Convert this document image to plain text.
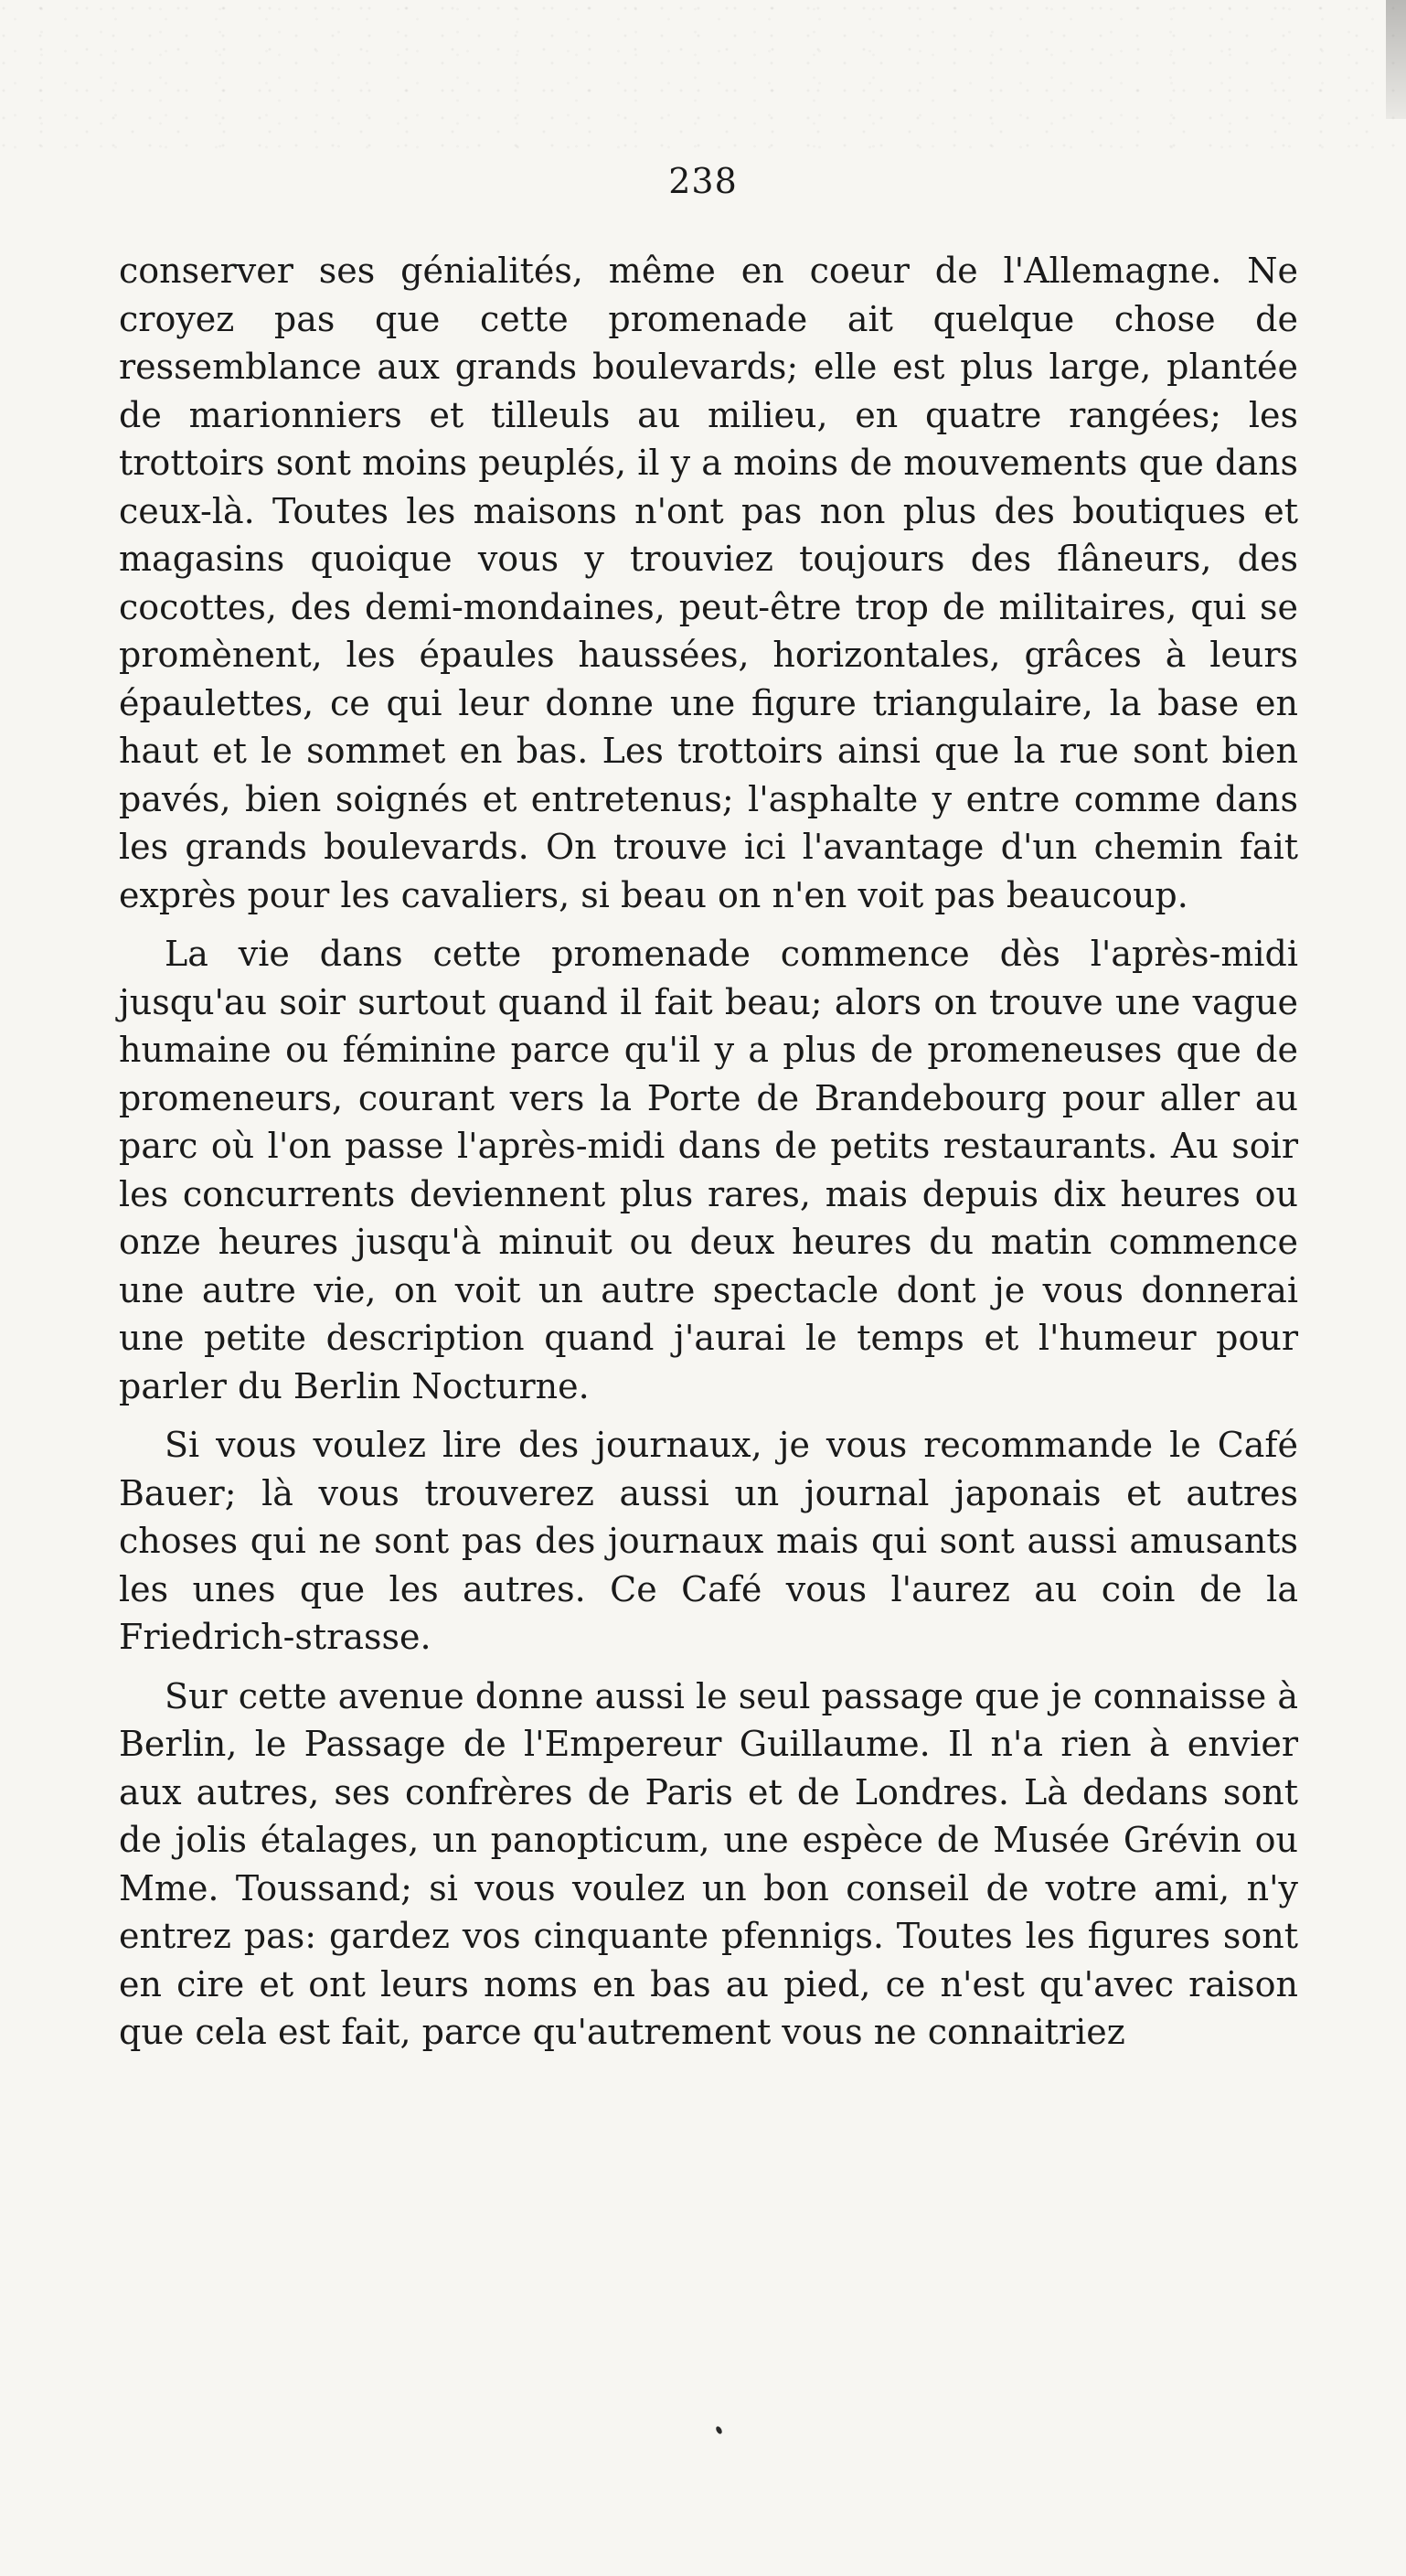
238

conserver ses génialités, même en coeur de l'Allemagne. Ne croyez pas que cette promenade ait quelque chose de ressemblance aux grands boulevards; elle est plus large, plantée de marionniers et tilleuls au milieu, en quatre rangées; les trottoirs sont moins peuplés, il y a moins de mouvements que dans ceux-là. Toutes les maisons n'ont pas non plus des boutiques et magasins quoique vous y trouviez toujours des flâneurs, des cocottes, des demi-mondaines, peut-être trop de militaires, qui se promènent, les épaules haussées, horizontales, grâces à leurs épaulettes, ce qui leur donne une figure triangulaire, la base en haut et le sommet en bas. Les trottoirs ainsi que la rue sont bien pavés, bien soignés et entretenus; l'asphalte y entre comme dans les grands boulevards. On trouve ici l'avantage d'un chemin fait exprès pour les cavaliers, si beau on n'en voit pas beaucoup.

La vie dans cette promenade commence dès l'après-midi jusqu'au soir surtout quand il fait beau; alors on trouve une vague humaine ou féminine parce qu'il y a plus de promeneuses que de promeneurs, courant vers la Porte de Brandebourg pour aller au parc où l'on passe l'après-midi dans de petits restaurants. Au soir les concurrents deviennent plus rares, mais depuis dix heures ou onze heures jusqu'à minuit ou deux heures du matin commence une autre vie, on voit un autre spectacle dont je vous donnerai une petite description quand j'aurai le temps et l'humeur pour parler du Berlin Nocturne.

Si vous voulez lire des journaux, je vous recommande le Café Bauer; là vous trouverez aussi un journal japonais et autres choses qui ne sont pas des journaux mais qui sont aussi amusants les unes que les autres. Ce Café vous l'aurez au coin de la Friedrich-strasse.

Sur cette avenue donne aussi le seul passage que je connaisse à Berlin, le Passage de l'Empereur Guillaume. Il n'a rien à envier aux autres, ses confrères de Paris et de Londres. Là dedans sont de jolis étalages, un panopticum, une espèce de Musée Grévin ou Mme. Toussand; si vous voulez un bon conseil de votre ami, n'y entrez pas: gardez vos cinquante pfennigs. Toutes les figures sont en cire et ont leurs noms en bas au pied, ce n'est qu'avec raison que cela est fait, parce qu'autrement vous ne connaitriez
